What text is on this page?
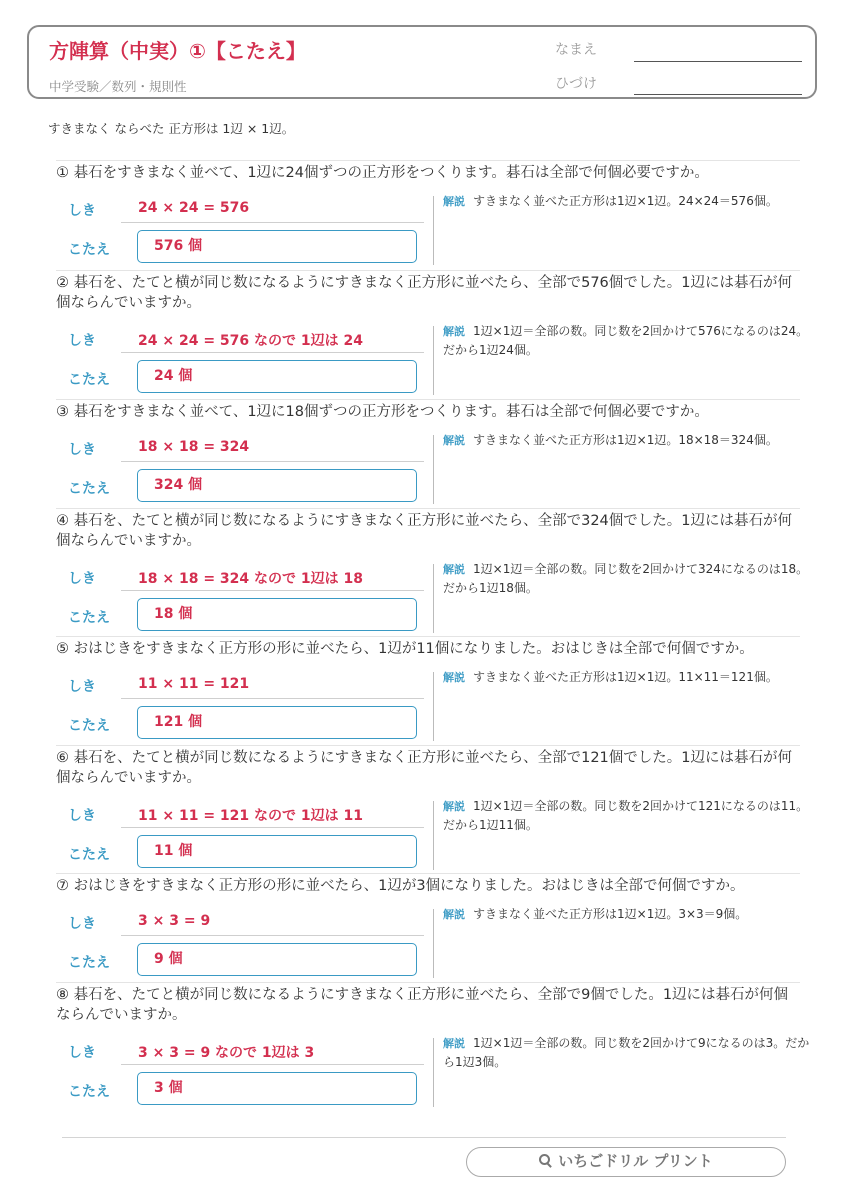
方陣算（中実）①【こたえ】
中学受験／数列・規則性
なまえ
ひづけ
すきまなく ならべた 正方形は 1辺 × 1辺。
① 碁石をすきまなく並べて、1辺に24個ずつの正方形をつくります。碁石は全部で何個必要ですか。
しき	24 × 24 = 576
こたえ	576 個
解説 すきまなく並べた正方形は1辺×1辺。24×24＝576個。
② 碁石を、たてと横が同じ数になるようにすきまなく正方形に並べたら、全部で576個でした。1辺には碁石が何個ならんでいますか。
しき	24 × 24 = 576 なので 1辺は 24
こたえ	24 個
解説 1辺×1辺＝全部の数。同じ数を2回かけて576になるのは24。だから1辺24個。
③ 碁石をすきまなく並べて、1辺に18個ずつの正方形をつくります。碁石は全部で何個必要ですか。
しき	18 × 18 = 324
こたえ	324 個
解説 すきまなく並べた正方形は1辺×1辺。18×18＝324個。
④ 碁石を、たてと横が同じ数になるようにすきまなく正方形に並べたら、全部で324個でした。1辺には碁石が何個ならんでいますか。
しき	18 × 18 = 324 なので 1辺は 18
こたえ	18 個
解説 1辺×1辺＝全部の数。同じ数を2回かけて324になるのは18。だから1辺18個。
⑤ おはじきをすきまなく正方形の形に並べたら、1辺が11個になりました。おはじきは全部で何個ですか。
しき	11 × 11 = 121
こたえ	121 個
解説 すきまなく並べた正方形は1辺×1辺。11×11＝121個。
⑥ 碁石を、たてと横が同じ数になるようにすきまなく正方形に並べたら、全部で121個でした。1辺には碁石が何個ならんでいますか。
しき	11 × 11 = 121 なので 1辺は 11
こたえ	11 個
解説 1辺×1辺＝全部の数。同じ数を2回かけて121になるのは11。だから1辺11個。
⑦ おはじきをすきまなく正方形の形に並べたら、1辺が3個になりました。おはじきは全部で何個ですか。
しき	3 × 3 = 9
こたえ	9 個
解説 すきまなく並べた正方形は1辺×1辺。3×3＝9個。
⑧ 碁石を、たてと横が同じ数になるようにすきまなく正方形に並べたら、全部で9個でした。1辺には碁石が何個ならんでいますか。
しき	3 × 3 = 9 なので 1辺は 3
こたえ	3 個
解説 1辺×1辺＝全部の数。同じ数を2回かけて9になるのは3。だから1辺3個。
いちごドリル プリント
